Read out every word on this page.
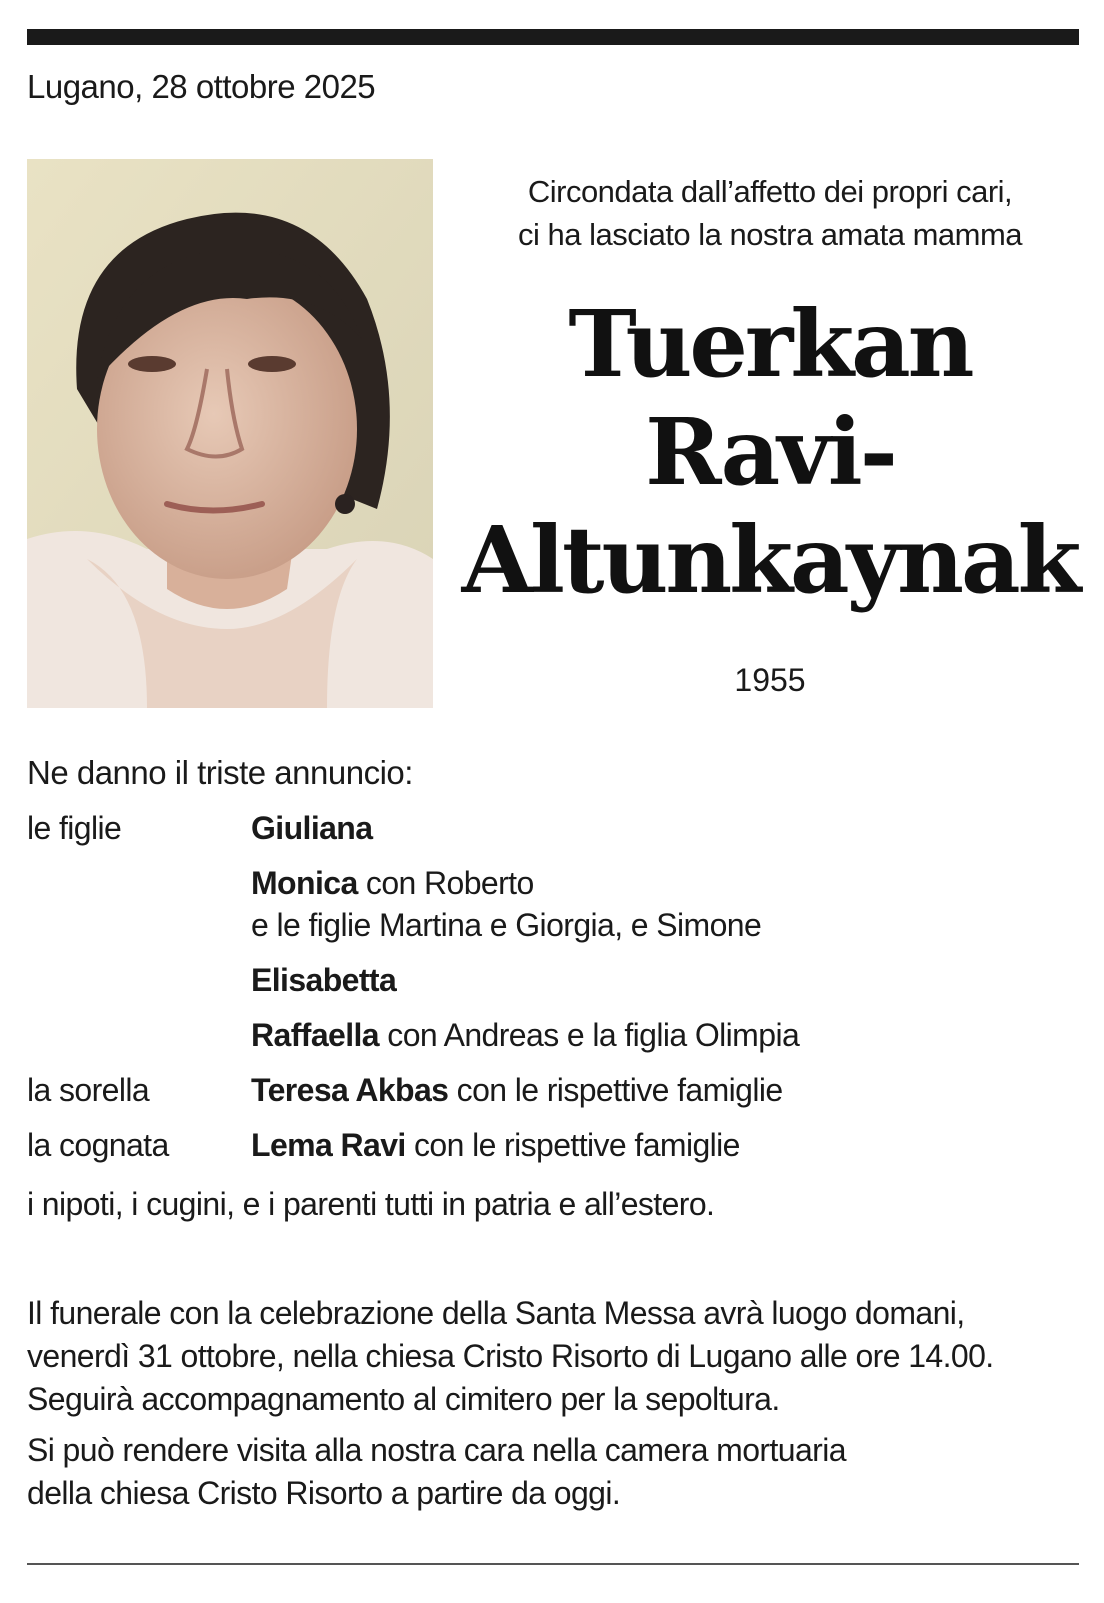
Lugano, 28 ottobre 2025
Circondata dall’affetto dei propri cari,
ci ha lasciato la nostra amata mamma
Tuerkan
Ravi-
Altunkaynak
1955
Ne danno il triste annuncio:
le figlie	Giuliana
Monica con Roberto
e le figlie Martina e Giorgia, e Simone
Elisabetta
Raffaella con Andreas e la figlia Olimpia
la sorella	Teresa Akbas con le rispettive famiglie
la cognata	Lema Ravi con le rispettive famiglie
i nipoti, i cugini, e i parenti tutti in patria e all’estero.
Il funerale con la celebrazione della Santa Messa avrà luogo domani,
venerdì 31 ottobre, nella chiesa Cristo Risorto di Lugano alle ore 14.00.
Seguirà accompagnamento al cimitero per la sepoltura.
Si può rendere visita alla nostra cara nella camera mortuaria
della chiesa Cristo Risorto a partire da oggi.
